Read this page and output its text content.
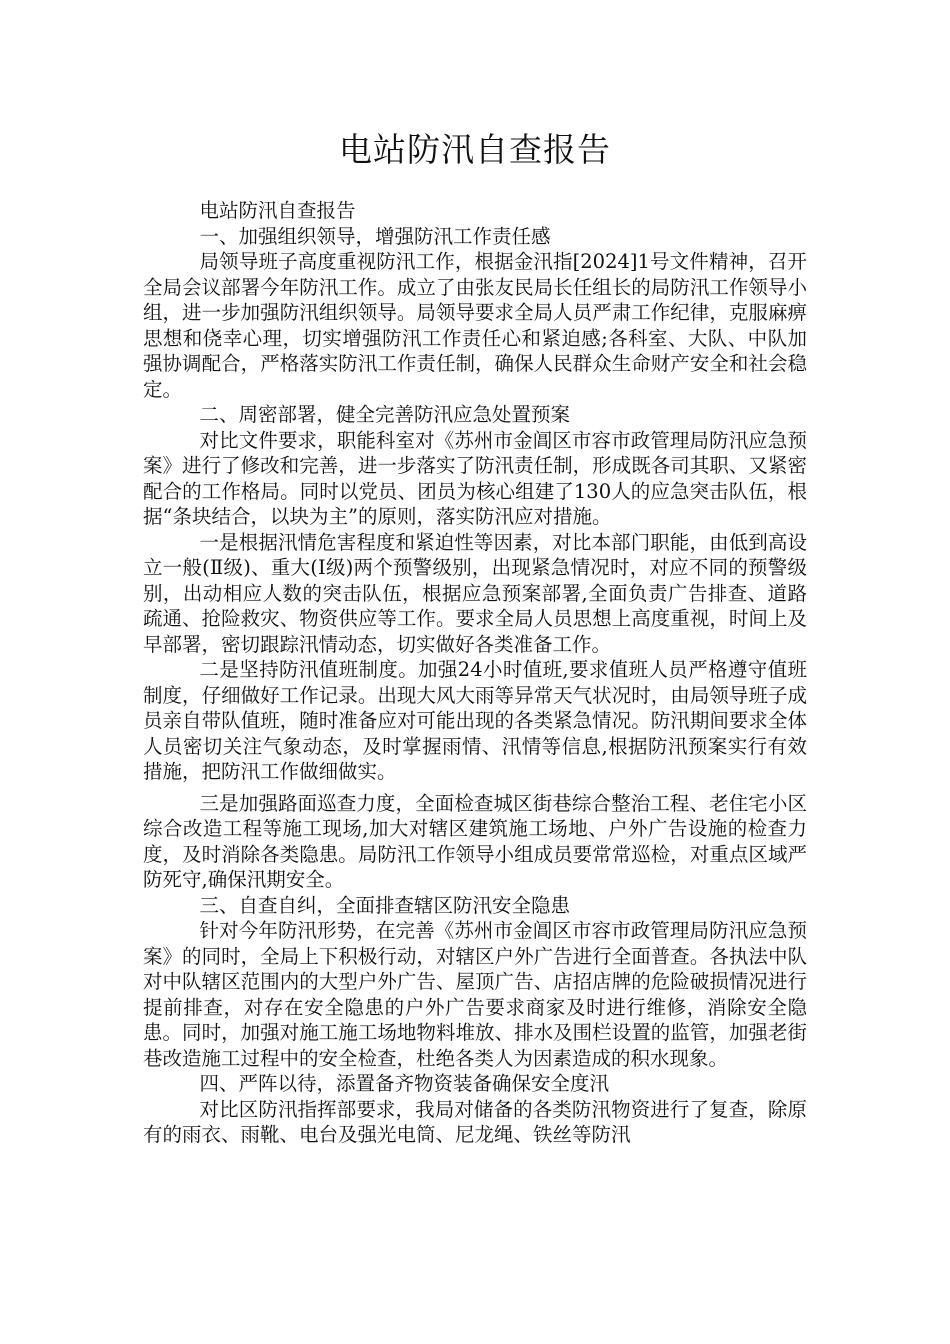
电站防汛自查报告

电站防汛自查报告

一、加强组织领导，增强防汛工作责任感

局领导班子高度重视防汛工作，根据金汛指[2024]1号文件精神，召开全局会议部署今年防汛工作。成立了由张友民局长任组长的局防汛工作领导小组，进一步加强防汛组织领导。局领导要求全局人员严肃工作纪律，克服麻痹思想和侥幸心理，切实增强防汛工作责任心和紧迫感;各科室、大队、中队加强协调配合，严格落实防汛工作责任制，确保人民群众生命财产安全和社会稳定。

二、周密部署，健全完善防汛应急处置预案

对比文件要求，职能科室对《苏州市金阊区市容市政管理局防汛应急预案》进行了修改和完善，进一步落实了防汛责任制，形成既各司其职、又紧密配合的工作格局。同时以党员、团员为核心组建了130人的应急突击队伍，根据“条块结合，以块为主”的原则，落实防汛应对措施。

一是根据汛情危害程度和紧迫性等因素，对比本部门职能，由低到高设立一般(Ⅱ级)、重大(Ⅰ级)两个预警级别，出现紧急情况时，对应不同的预警级别，出动相应人数的突击队伍，根据应急预案部署,全面负责广告排查、道路疏通、抢险救灾、物资供应等工作。要求全局人员思想上高度重视，时间上及早部署，密切跟踪汛情动态，切实做好各类准备工作。

二是坚持防汛值班制度。加强24小时值班,要求值班人员严格遵守值班制度，仔细做好工作记录。出现大风大雨等异常天气状况时，由局领导班子成员亲自带队值班，随时准备应对可能出现的各类紧急情况。防汛期间要求全体人员密切关注气象动态，及时掌握雨情、汛情等信息,根据防汛预案实行有效措施，把防汛工作做细做实。

三是加强路面巡查力度，全面检查城区街巷综合整治工程、老住宅小区综合改造工程等施工现场,加大对辖区建筑施工场地、户外广告设施的检查力度，及时消除各类隐患。局防汛工作领导小组成员要常常巡检，对重点区域严防死守,确保汛期安全。

三、自查自纠，全面排查辖区防汛安全隐患

针对今年防汛形势，在完善《苏州市金阊区市容市政管理局防汛应急预案》的同时，全局上下积极行动，对辖区户外广告进行全面普查。各执法中队对中队辖区范围内的大型户外广告、屋顶广告、店招店牌的危险破损情况进行提前排查，对存在安全隐患的户外广告要求商家及时进行维修，消除安全隐患。同时，加强对施工施工场地物料堆放、排水及围栏设置的监管，加强老街巷改造施工过程中的安全检查，杜绝各类人为因素造成的积水现象。

四、严阵以待，添置备齐物资装备确保安全度汛

对比区防汛指挥部要求，我局对储备的各类防汛物资进行了复查，除原有的雨衣、雨靴、电台及强光电筒、尼龙绳、铁丝等防汛
